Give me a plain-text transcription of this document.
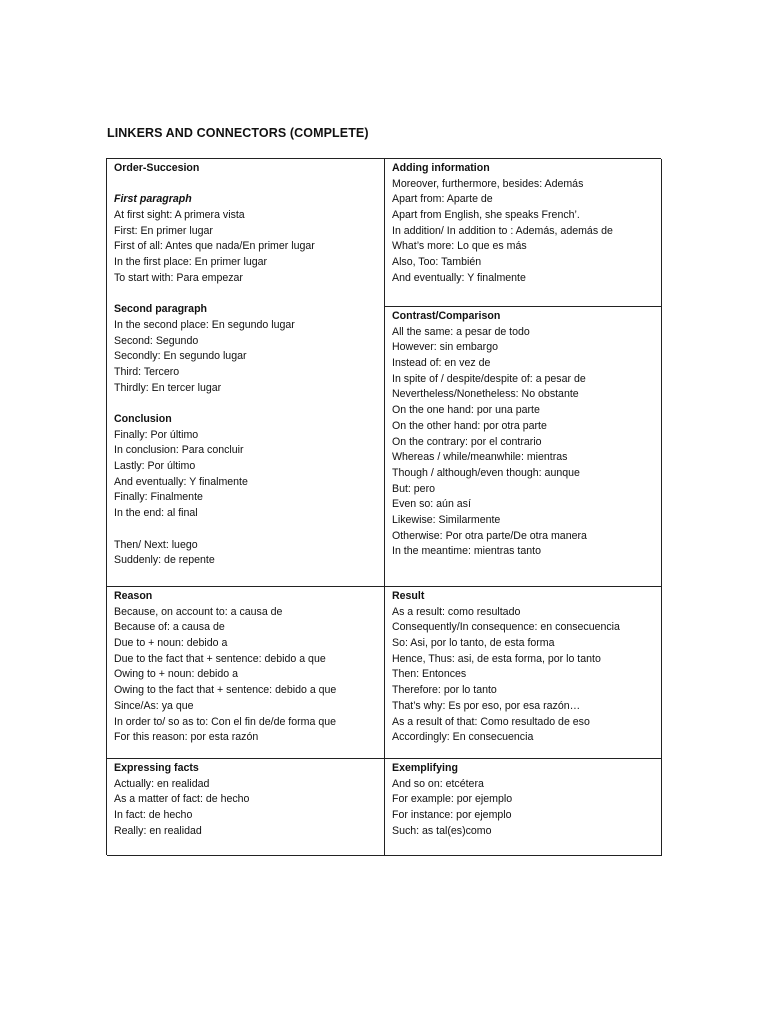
LINKERS AND CONNECTORS (COMPLETE)
Order-Succesion
First paragraph
At first sight: A primera vista
First: En primer lugar
First of all: Antes que nada/En primer lugar
In the first place: En primer lugar
To start with: Para empezar
Second paragraph
In the second place: En segundo lugar
Second: Segundo
Secondly: En segundo lugar
Third: Tercero
Thirdly: En tercer lugar
Conclusion
Finally: Por último
In conclusion: Para concluir
Lastly: Por último
And eventually: Y finalmente
Finally: Finalmente
In the end: al final
Then/ Next: luego
Suddenly: de repente
Adding information
Moreover, furthermore, besides: Además
Apart from: Aparte de
Apart from English, she speaks French’.
In addition/ In addition to : Además, además de
What’s more: Lo que es más
Also, Too: También
And eventually: Y finalmente
Contrast/Comparison
All the same: a pesar de todo
However: sin embargo
Instead of: en vez de
In spite of / despite/despite of: a pesar de
Nevertheless/Nonetheless: No obstante
On the one hand: por una parte
On the other hand: por otra parte
On the contrary: por el contrario
Whereas / while/meanwhile: mientras
Though / although/even though: aunque
But: pero
Even so: aún así
Likewise: Similarmente
Otherwise: Por otra parte/De otra manera
In the meantime: mientras tanto
Reason
Because, on account to: a causa de
Because of: a causa de
Due to + noun: debido a
Due to the fact that + sentence: debido a que
Owing to + noun: debido a
Owing to the fact that + sentence: debido a que
Since/As: ya que
In order to/ so as to: Con el fin de/de forma que
For this reason: por esta razón
Result
As a result: como resultado
Consequently/In consequence: en consecuencia
So: Asi, por lo tanto, de esta forma
Hence, Thus: asi, de esta forma, por lo tanto
Then: Entonces
Therefore: por lo tanto
That’s why: Es por eso, por esa razón…
As a result of that: Como resultado de eso
Accordingly: En consecuencia
Expressing facts
Actually: en realidad
As a matter of fact: de hecho
In fact: de hecho
Really: en realidad
Exemplifying
And so on: etcétera
For example: por ejemplo
For instance: por ejemplo
Such: as tal(es)como
